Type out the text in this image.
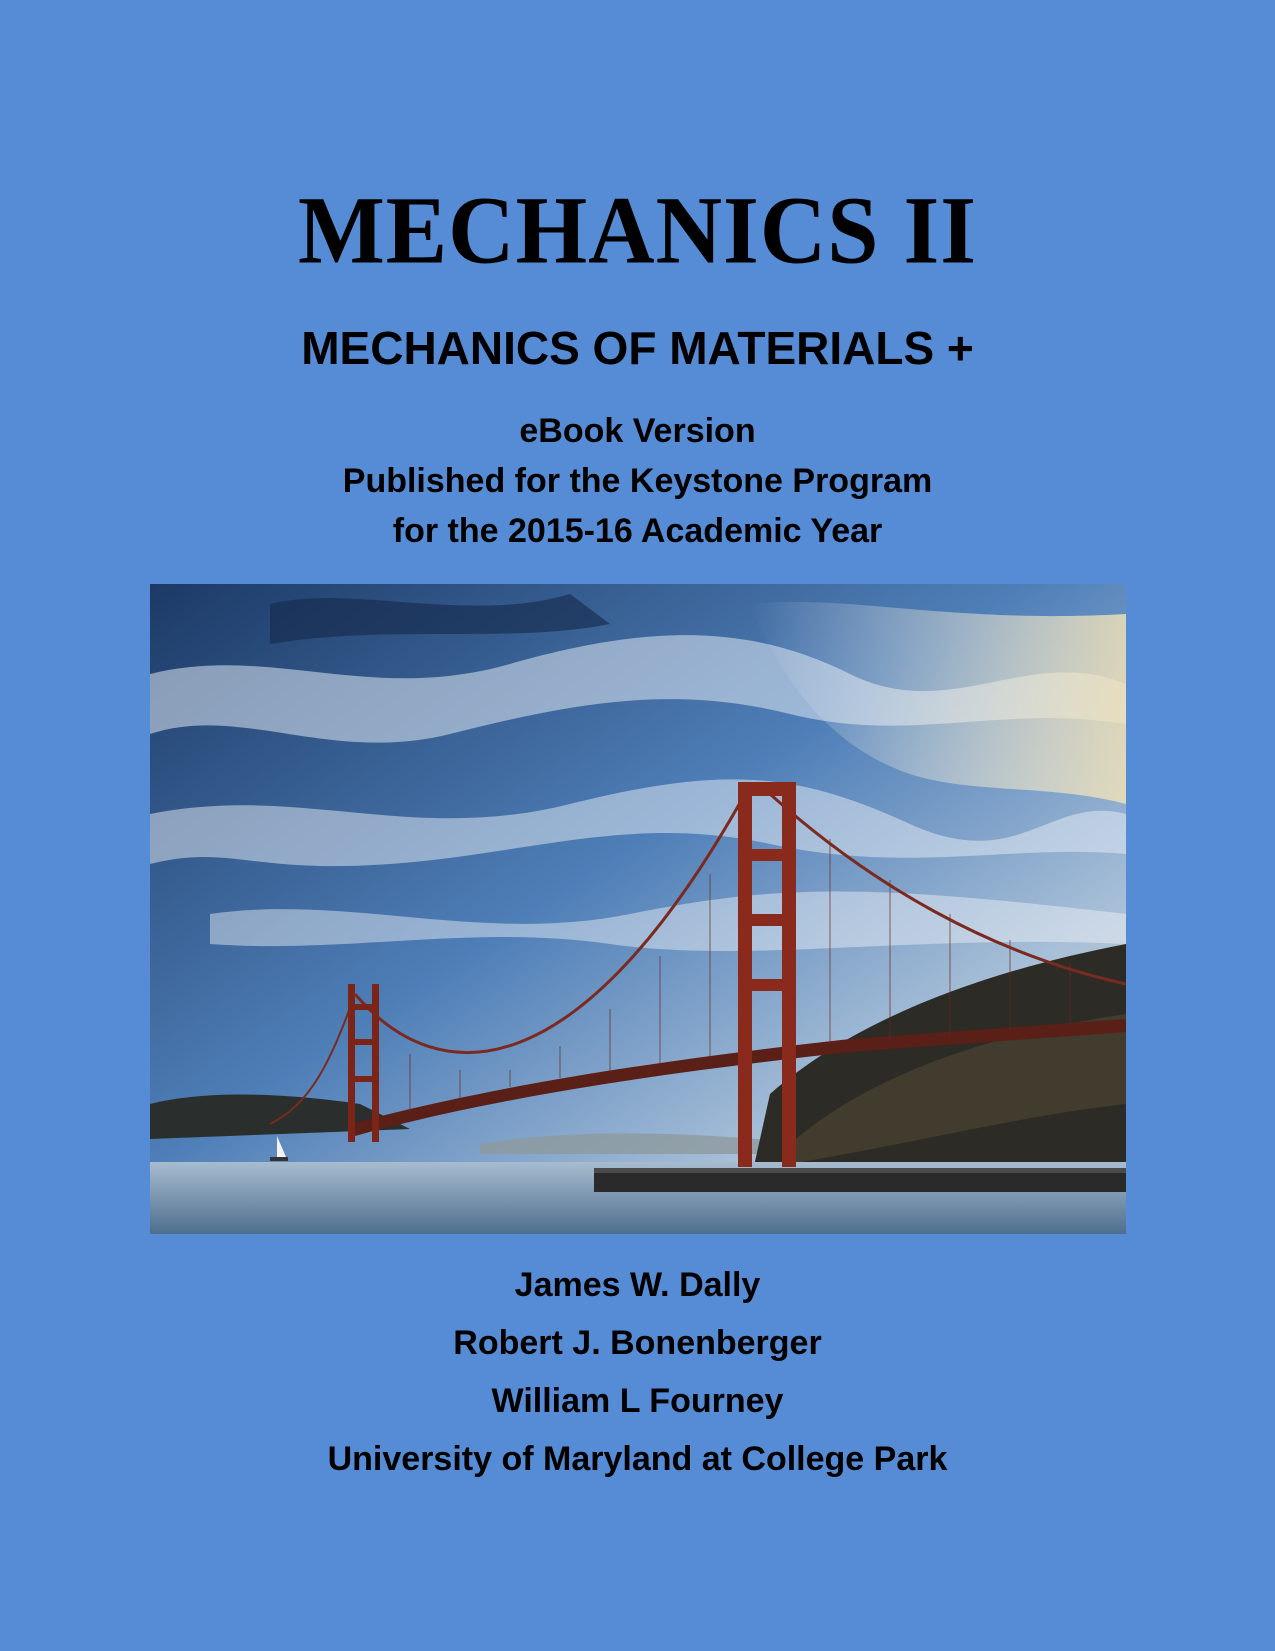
MECHANICS II
MECHANICS OF MATERIALS +
eBook Version
Published for the Keystone Program
for the 2015-16 Academic Year
James W. Dally
Robert J. Bonenberger
William L Fourney
University of Maryland at College Park
